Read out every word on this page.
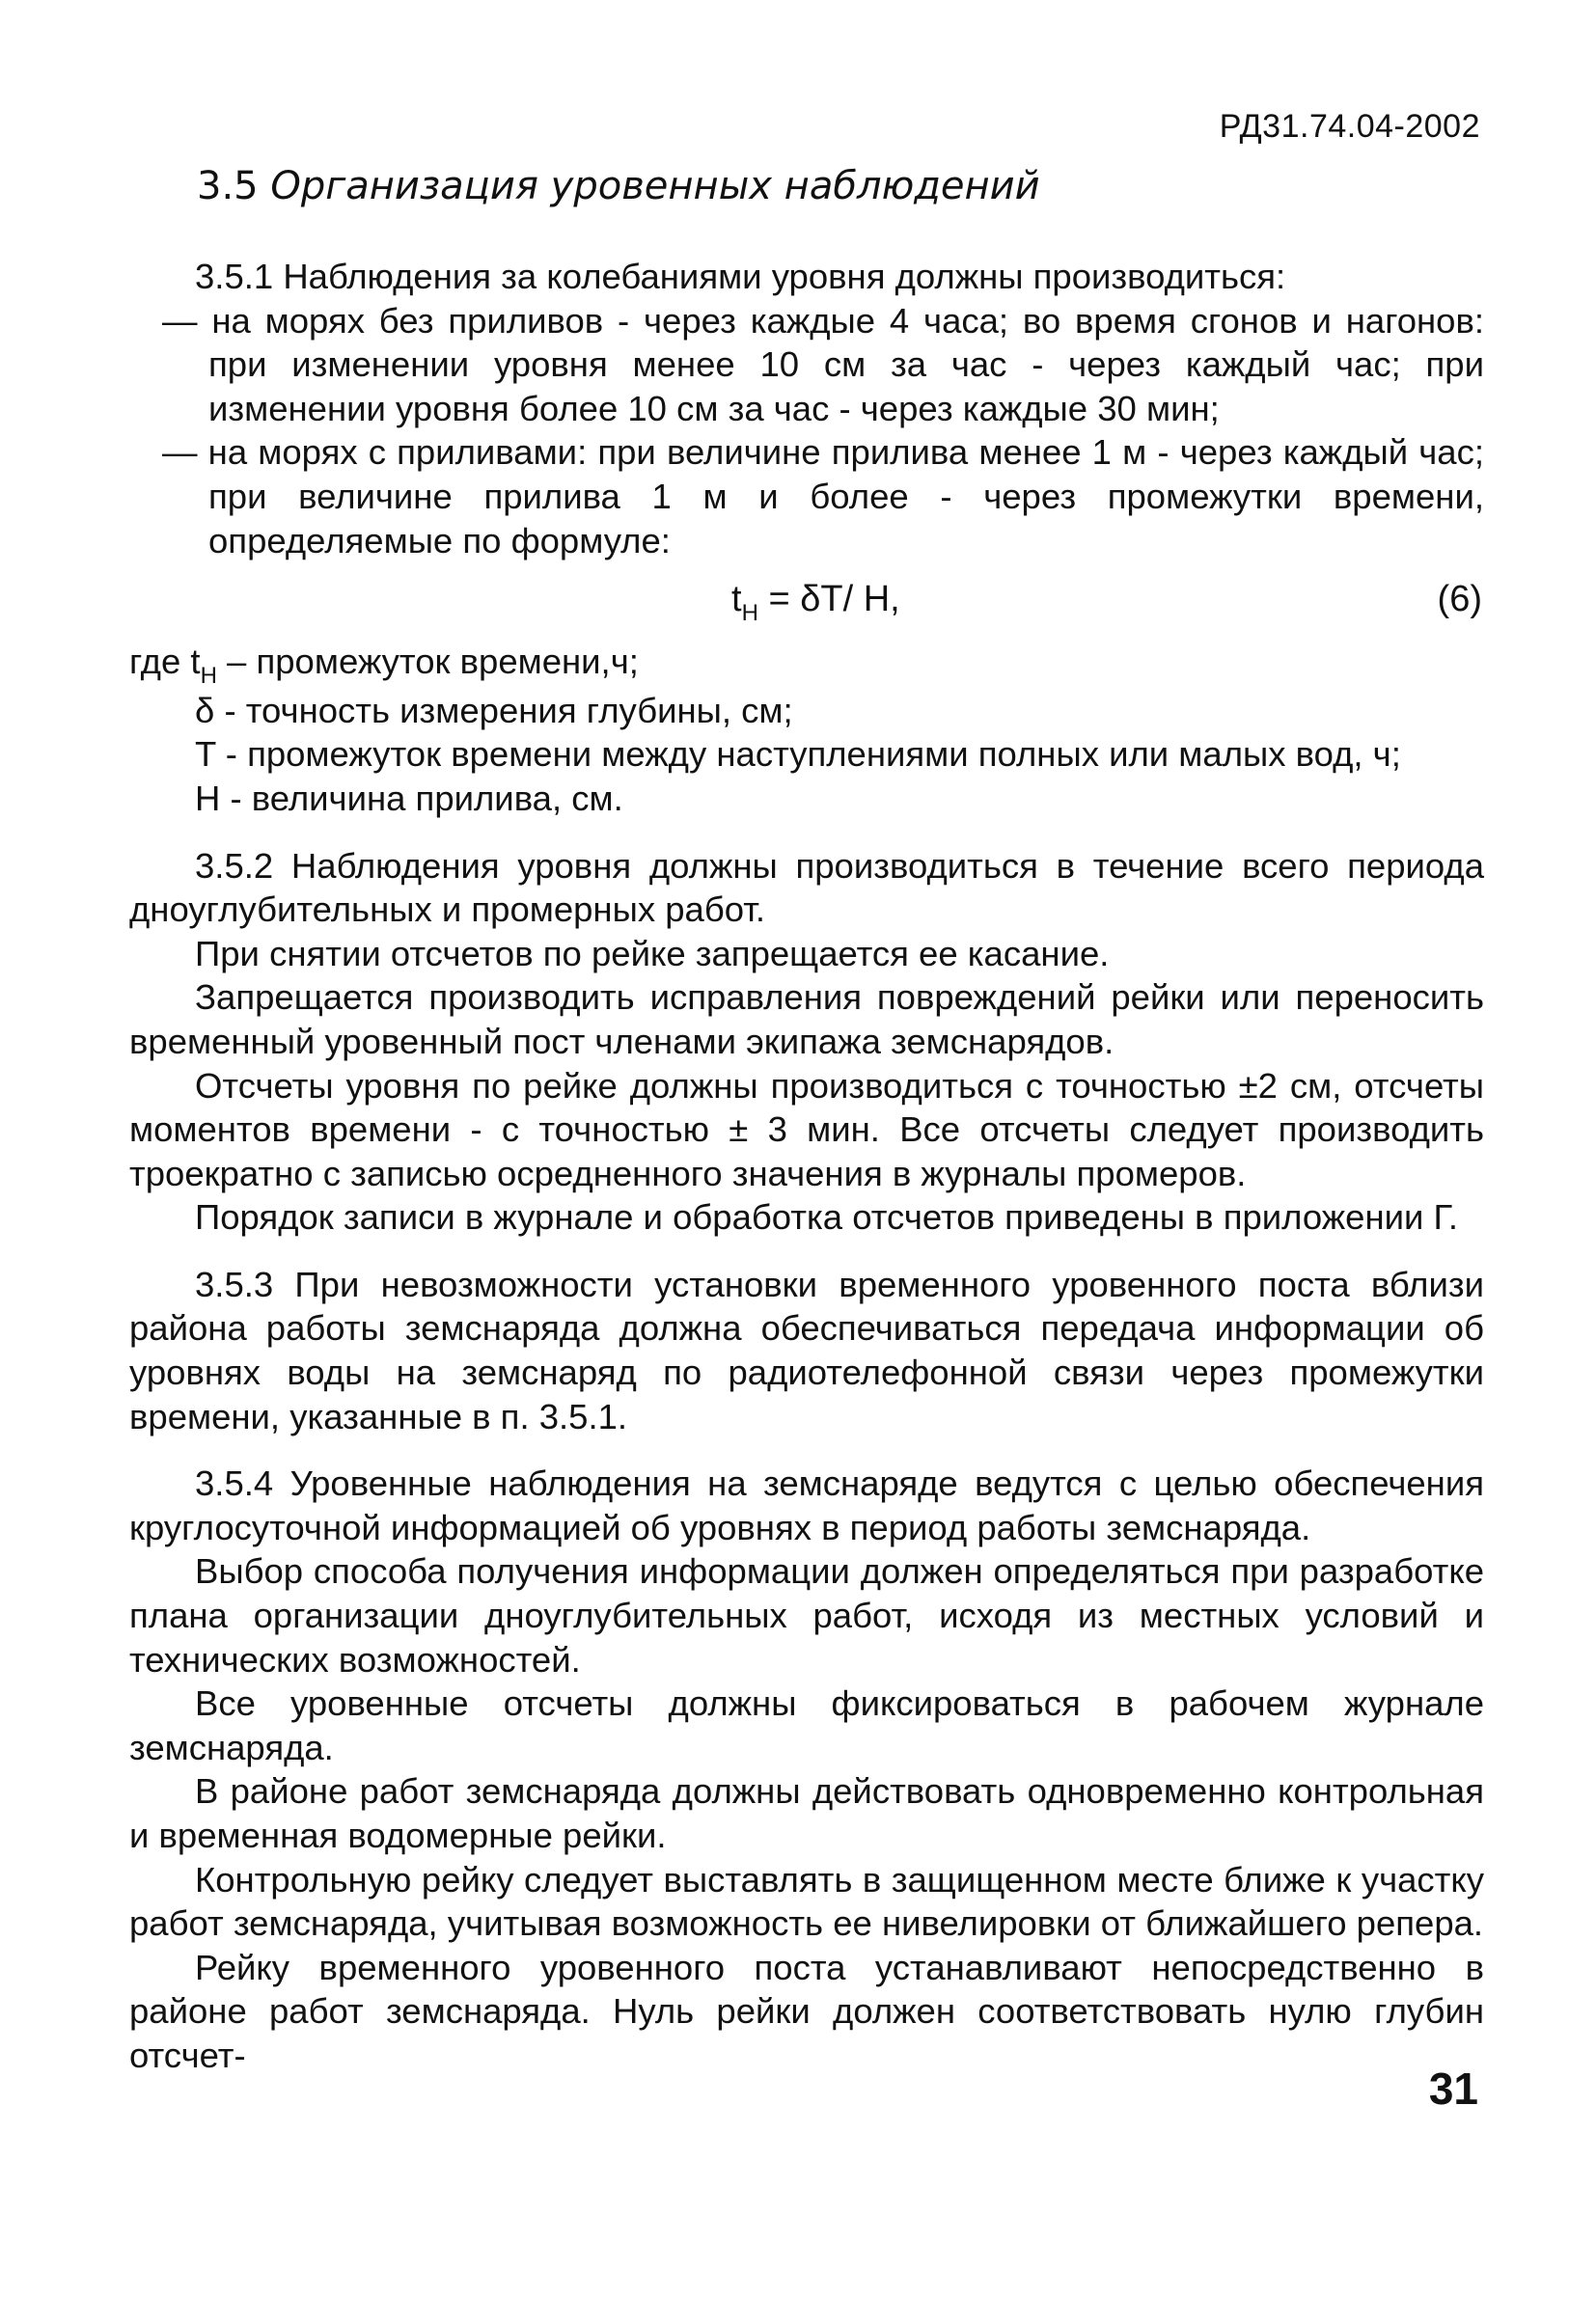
РД31.74.04-2002
3.5 Организация уровенных наблюдений

3.5.1 Наблюдения за колебаниями уровня должны производиться:

— на морях без приливов - через каждые 4 часа; во время сгонов и нагонов: при изменении уровня менее 10 см за час - через каждый час; при изменении уровня более 10 см за час - через каждые 30 мин;

— на морях с приливами: при величине прилива менее 1 м - через каждый час; при величине прилива 1 м и более - через промежутки времени, определяемые по формуле:

$t_H = \delta T/$ H,	(6)

где $t_H$ – промежуток времени,ч;

δ - точность измерения глубины, см;

T - промежуток времени между наступлениями полных или малых вод, ч;

H - величина прилива, см.

3.5.2 Наблюдения уровня должны производиться в течение всего периода дноуглубительных и промерных работ.

При снятии отсчетов по рейке запрещается ее касание.

Запрещается производить исправления повреждений рейки или переносить временный уровенный пост членами экипажа земснарядов.

Отсчеты уровня по рейке должны производиться с точностью ±2 см, отсчеты моментов времени - с точностью ± 3 мин. Все отсчеты следует производить троекратно с записью осредненного значения в журналы промеров.

Порядок записи в журнале и обработка отсчетов приведены в приложении Г.

3.5.3 При невозможности установки временного уровенного поста вблизи района работы земснаряда должна обеспечиваться передача информации об уровнях воды на земснаряд по радиотелефонной связи через промежутки времени, указанные в п. 3.5.1.

3.5.4 Уровенные наблюдения на земснаряде ведутся с целью обеспечения круглосуточной информацией об уровнях в период работы земснаряда.

Выбор способа получения информации должен определяться при разработке плана организации дноуглубительных работ, исходя из местных условий и технических возможностей.

Все уровенные отсчеты должны фиксироваться в рабочем журнале земснаряда.

В районе работ земснаряда должны действовать одновременно контрольная и временная водомерные рейки.

Контрольную рейку следует выставлять в защищенном месте ближе к участку работ земснаряда, учитывая возможность ее нивелировки от ближайшего репера.

Рейку временного уровенного поста устанавливают непосредственно в районе работ земснаряда. Нуль рейки должен соответствовать нулю глубин отсчет-

31
